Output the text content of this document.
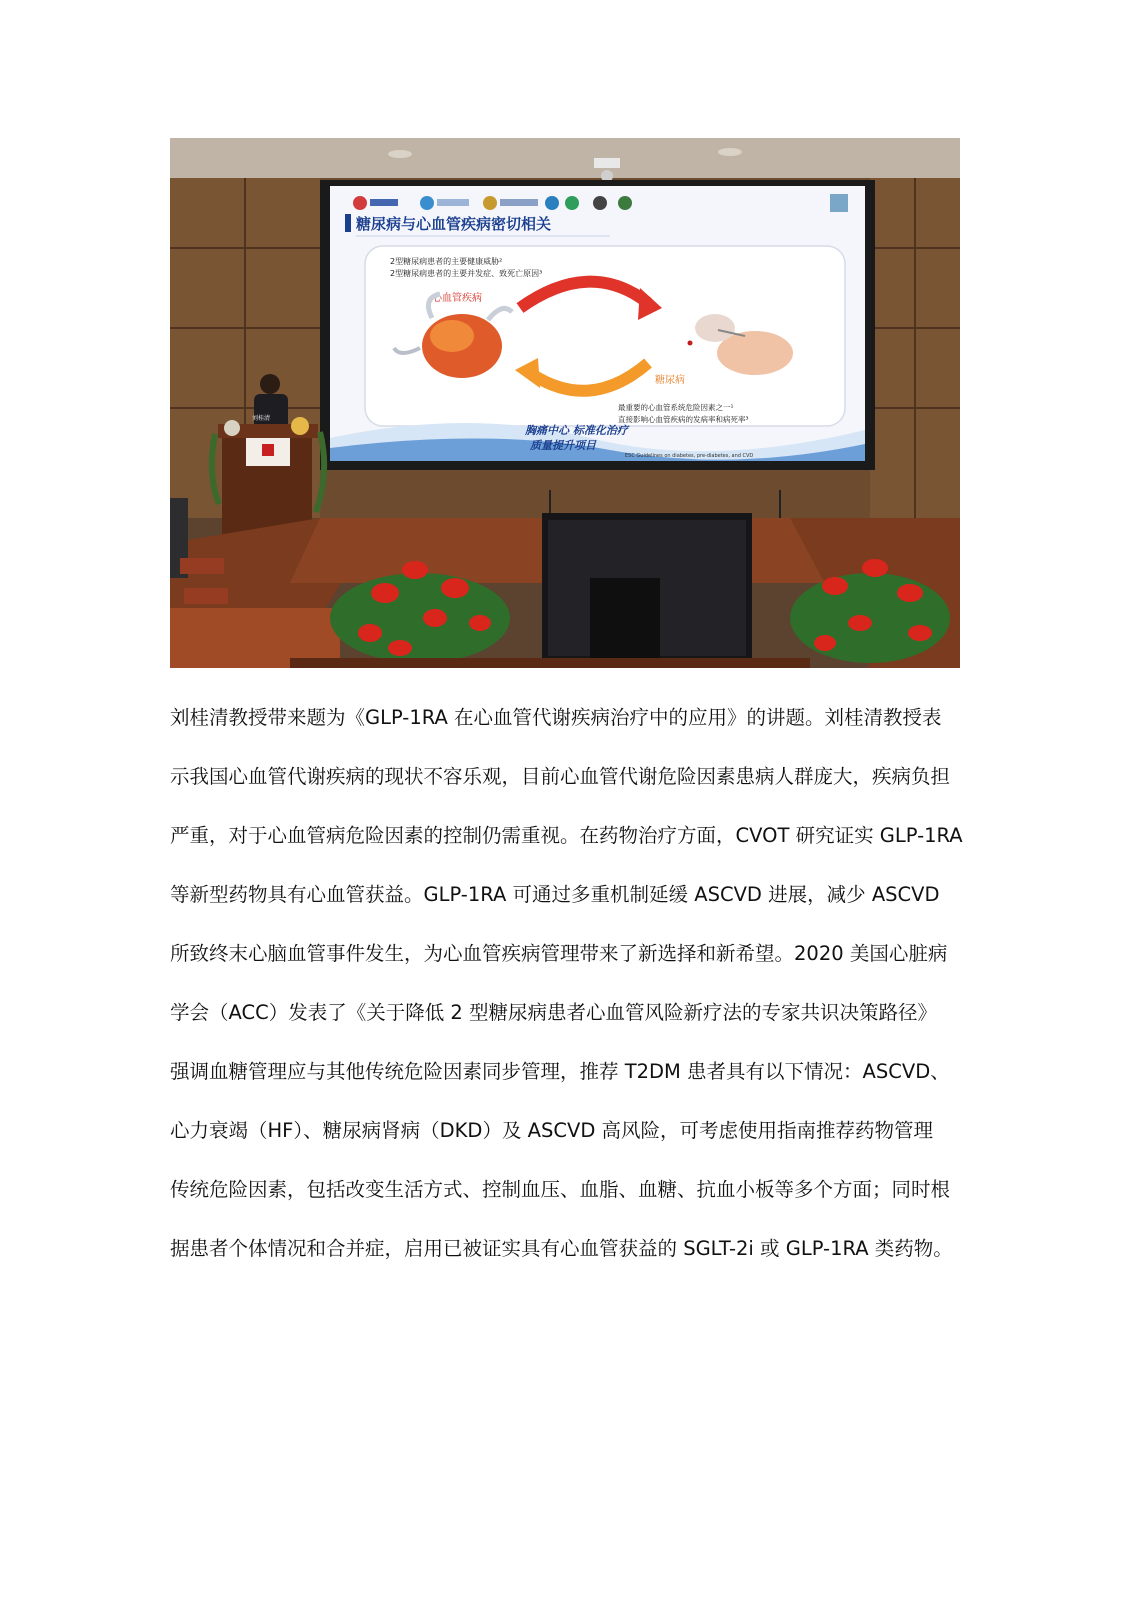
糖尿病与心血管疾病密切相关
2型糖尿病患者的主要健康威胁²
2型糖尿病患者的主要并发症、致死亡原因³
心血管疾病
糖尿病
最重要的心血管系统危险因素之一¹
直接影响心血管疾病的发病率和病死率³
胸痛中心 标准化治疗
质量提升项目
ESC Guidelines on diabetes, pre-diabetes, and CVD
刘桂清

刘桂清教授带来题为《GLP-1RA 在心血管代谢疾病治疗中的应用》的讲题。刘桂清教授表
示我国心血管代谢疾病的现状不容乐观，目前心血管代谢危险因素患病人群庞大，疾病负担
严重，对于心血管病危险因素的控制仍需重视。在药物治疗方面，CVOT 研究证实 GLP-1RA
等新型药物具有心血管获益。GLP-1RA 可通过多重机制延缓 ASCVD 进展，减少 ASCVD
所致终末心脑血管事件发生，为心血管疾病管理带来了新选择和新希望。2020 美国心脏病
学会（ACC）发表了《关于降低 2 型糖尿病患者心血管风险新疗法的专家共识决策路径》
强调血糖管理应与其他传统危险因素同步管理，推荐 T2DM 患者具有以下情况：ASCVD、
心力衰竭（HF）、糖尿病肾病（DKD）及 ASCVD 高风险，可考虑使用指南推荐药物管理
传统危险因素，包括改变生活方式、控制血压、血脂、血糖、抗血小板等多个方面；同时根
据患者个体情况和合并症，启用已被证实具有心血管获益的 SGLT-2i 或 GLP-1RA 类药物。
